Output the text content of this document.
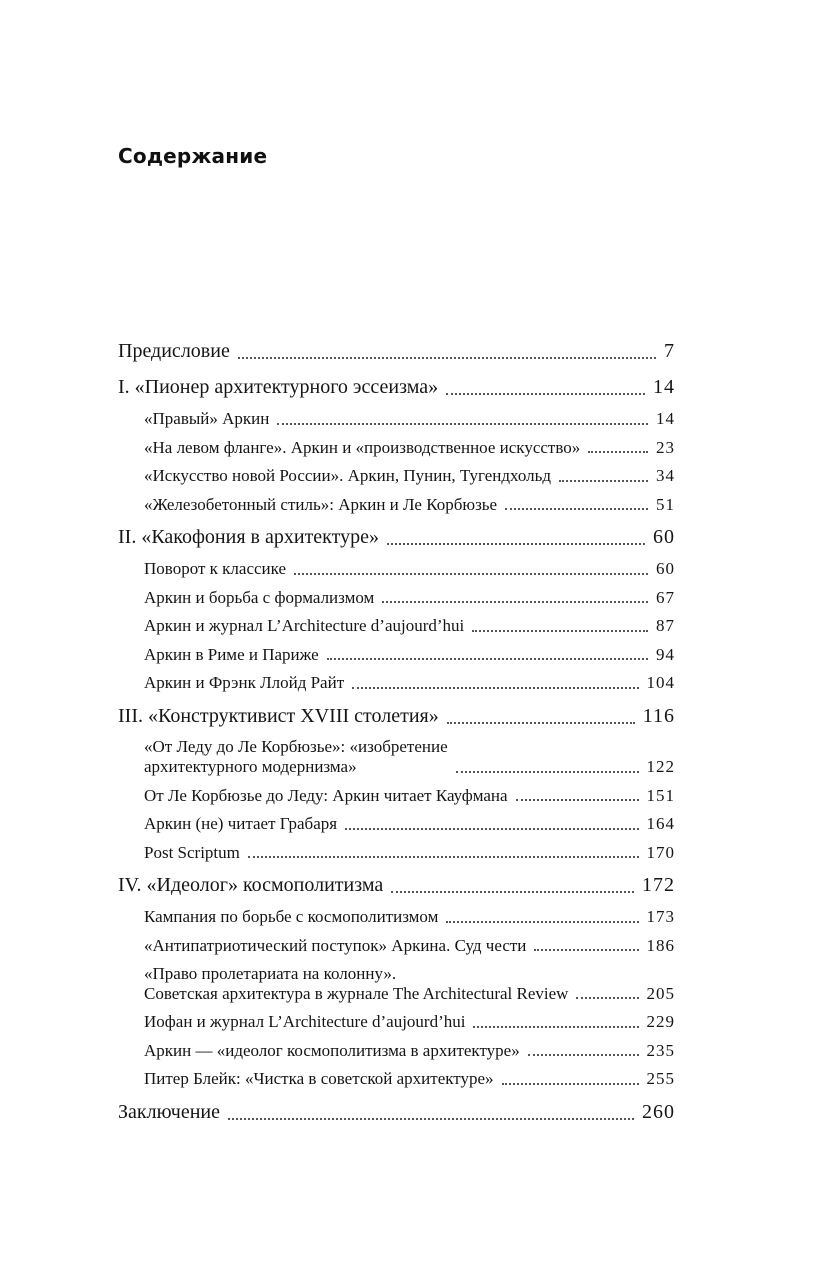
Содержание
Предисловие	7
I. «Пионер архитектурного эссеизма»	14
«Правый» Аркин	14
«На левом фланге». Аркин и «производственное искусство»	23
«Искусство новой России». Аркин, Пунин, Тугендхольд	34
«Железобетонный стиль»: Аркин и Ле Корбюзье	51
II. «Какофония в архитектуре»	60
Поворот к классике	60
Аркин и борьба с формализмом	67
Аркин и журнал L’Architecture d’aujourd’hui	87
Аркин в Риме и Париже	94
Аркин и Фрэнк Ллойд Райт	104
III. «Конструктивист XVIII столетия»	116
«От Леду до Ле Корбюзье»: «изобретение
архитектурного модернизма»	122
От Ле Корбюзье до Леду: Аркин читает Кауфмана	151
Аркин (не) читает Грабаря	164
Post Scriptum	170
IV. «Идеолог» космополитизма	172
Кампания по борьбе с космополитизмом	173
«Антипатриотический поступок» Аркина. Суд чести	186
«Право пролетариата на колонну».
Советская архитектура в журнале The Architectural Review	205
Иофан и журнал L’Architecture d’aujourd’hui	229
Аркин — «идеолог космополитизма в архитектуре»	235
Питер Блейк: «Чистка в советской архитектуре»	255
Заключение	260
